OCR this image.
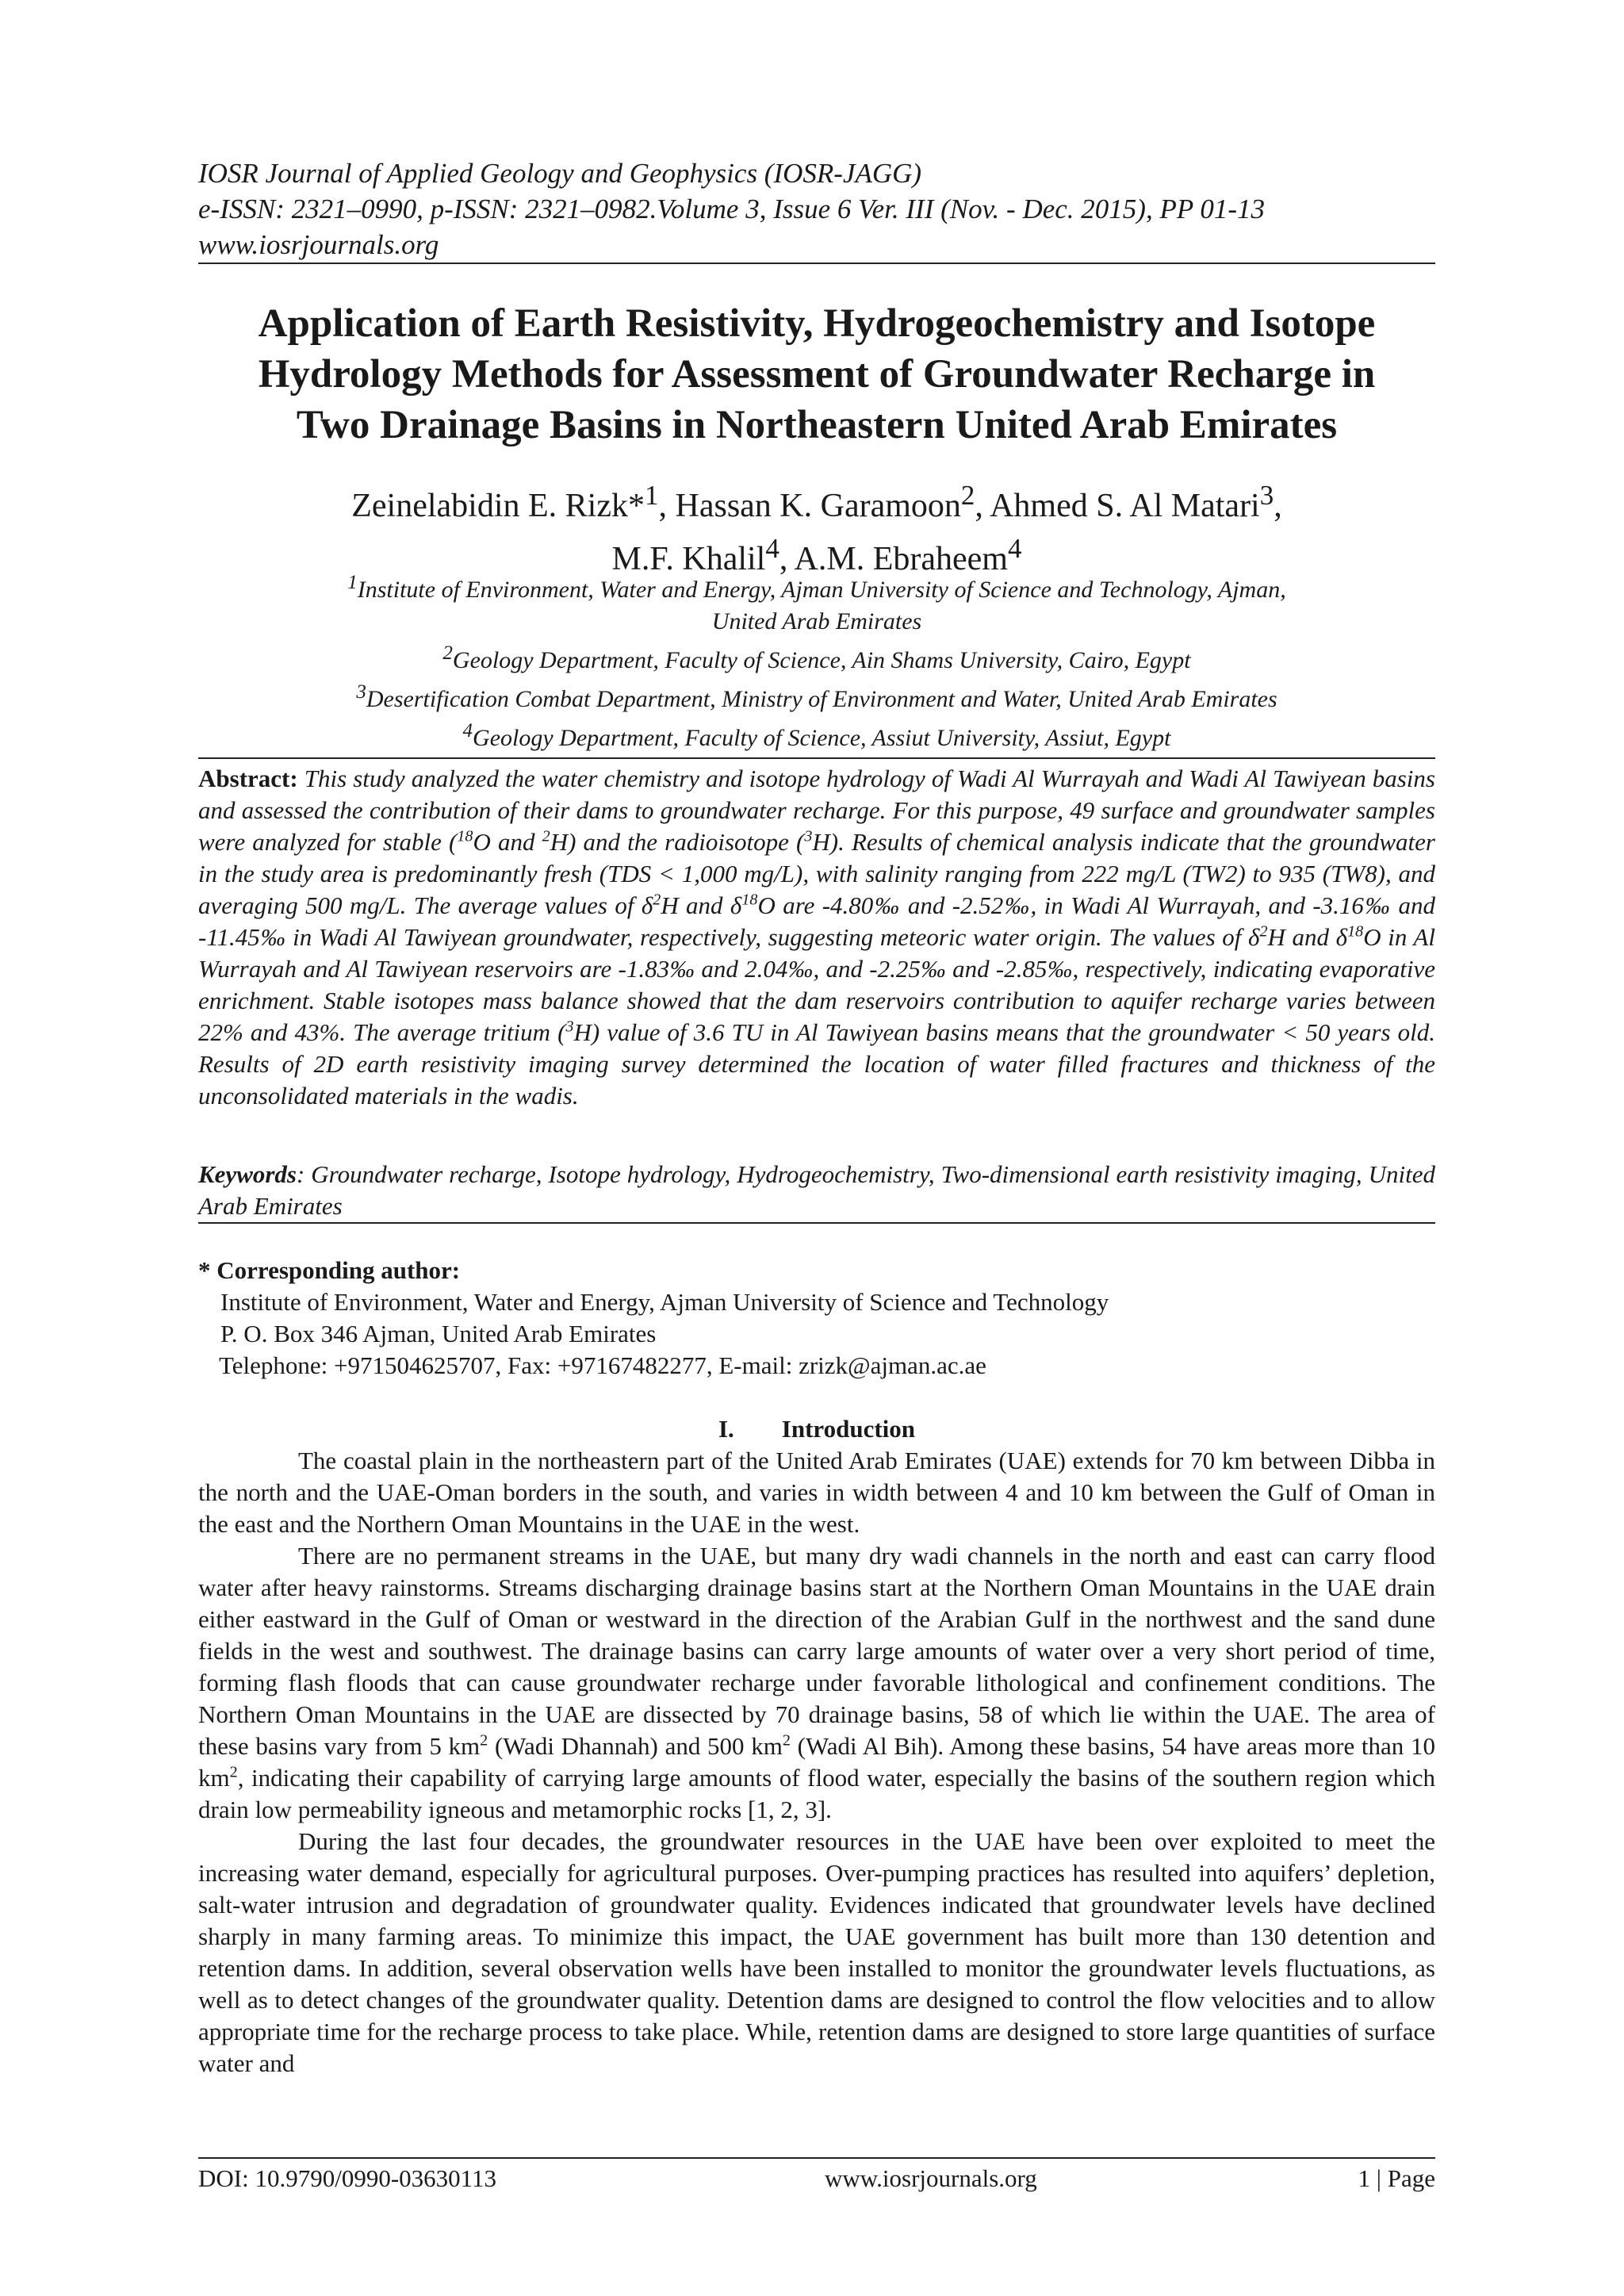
IOSR Journal of Applied Geology and Geophysics (IOSR-JAGG)
e-ISSN: 2321–0990, p-ISSN: 2321–0982.Volume 3, Issue 6 Ver. III (Nov. - Dec. 2015), PP 01-13
www.iosrjournals.org
Application of Earth Resistivity, Hydrogeochemistry and Isotope
Hydrology Methods for Assessment of Groundwater Recharge in
Two Drainage Basins in Northeastern United Arab Emirates
Zeinelabidin E. Rizk*$^1$, Hassan K. Garamoon$^2$, Ahmed S. Al Matari$^3$,
M.F. Khalil$^4$, A.M. Ebraheem$^4$
$^1$Institute of Environment, Water and Energy, Ajman University of Science and Technology, Ajman,
United Arab Emirates
$^2$Geology Department, Faculty of Science, Ain Shams University, Cairo, Egypt
$^3$Desertification Combat Department, Ministry of Environment and Water, United Arab Emirates
$^4$Geology Department, Faculty of Science, Assiut University, Assiut, Egypt
Abstract: This study analyzed the water chemistry and isotope hydrology of Wadi Al Wurrayah and Wadi Al Tawiyean basins and assessed the contribution of their dams to groundwater recharge. For this purpose, 49 surface and groundwater samples were analyzed for stable ($^{18}$O and $^2$H) and the radioisotope ($^3$H). Results of chemical analysis indicate that the groundwater in the study area is predominantly fresh (TDS < 1,000 mg/L), with salinity ranging from 222 mg/L (TW2) to 935 (TW8), and averaging 500 mg/L. The average values of $\delta^2H$ and $\delta^{18}O$ are -4.80‰ and -2.52‰, in Wadi Al Wurrayah, and -3.16‰ and -11.45‰ in Wadi Al Tawiyean groundwater, respectively, suggesting meteoric water origin. The values of $\delta^2H$ and $\delta^{18}O$ in Al Wurrayah and Al Tawiyean reservoirs are -1.83‰ and 2.04‰, and -2.25‰ and -2.85‰, respectively, indicating evaporative enrichment. Stable isotopes mass balance showed that the dam reservoirs contribution to aquifer recharge varies between 22% and 43%. The average tritium ($^3$H) value of 3.6 TU in Al Tawiyean basins means that the groundwater < 50 years old. Results of 2D earth resistivity imaging survey determined the location of water filled fractures and thickness of the unconsolidated materials in the wadis.
Keywords: Groundwater recharge, Isotope hydrology, Hydrogeochemistry, Two-dimensional earth resistivity imaging, United Arab Emirates
* Corresponding author:
Institute of Environment, Water and Energy, Ajman University of Science and Technology
P. O. Box 346 Ajman, United Arab Emirates
Telephone: +971504625707, Fax: +97167482277, E-mail: zrizk@ajman.ac.ae
I. Introduction

The coastal plain in the northeastern part of the United Arab Emirates (UAE) extends for 70 km between Dibba in the north and the UAE-Oman borders in the south, and varies in width between 4 and 10 km between the Gulf of Oman in the east and the Northern Oman Mountains in the UAE in the west.

There are no permanent streams in the UAE, but many dry wadi channels in the north and east can carry flood water after heavy rainstorms. Streams discharging drainage basins start at the Northern Oman Mountains in the UAE drain either eastward in the Gulf of Oman or westward in the direction of the Arabian Gulf in the northwest and the sand dune fields in the west and southwest. The drainage basins can carry large amounts of water over a very short period of time, forming flash floods that can cause groundwater recharge under favorable lithological and confinement conditions. The Northern Oman Mountains in the UAE are dissected by 70 drainage basins, 58 of which lie within the UAE. The area of these basins vary from 5 $km^2$ (Wadi Dhannah) and 500 $km^2$ (Wadi Al Bih). Among these basins, 54 have areas more than 10 $km^2$, indicating their capability of carrying large amounts of flood water, especially the basins of the southern region which drain low permeability igneous and metamorphic rocks [1, 2, 3].

During the last four decades, the groundwater resources in the UAE have been over exploited to meet the increasing water demand, especially for agricultural purposes. Over-pumping practices has resulted into aquifers’ depletion, salt-water intrusion and degradation of groundwater quality. Evidences indicated that groundwater levels have declined sharply in many farming areas. To minimize this impact, the UAE government has built more than 130 detention and retention dams. In addition, several observation wells have been installed to monitor the groundwater levels fluctuations, as well as to detect changes of the groundwater quality. Detention dams are designed to control the flow velocities and to allow appropriate time for the recharge process to take place. While, retention dams are designed to store large quantities of surface water and

DOI: 10.9790/0990-03630113	www.iosrjournals.org	1 | Page
